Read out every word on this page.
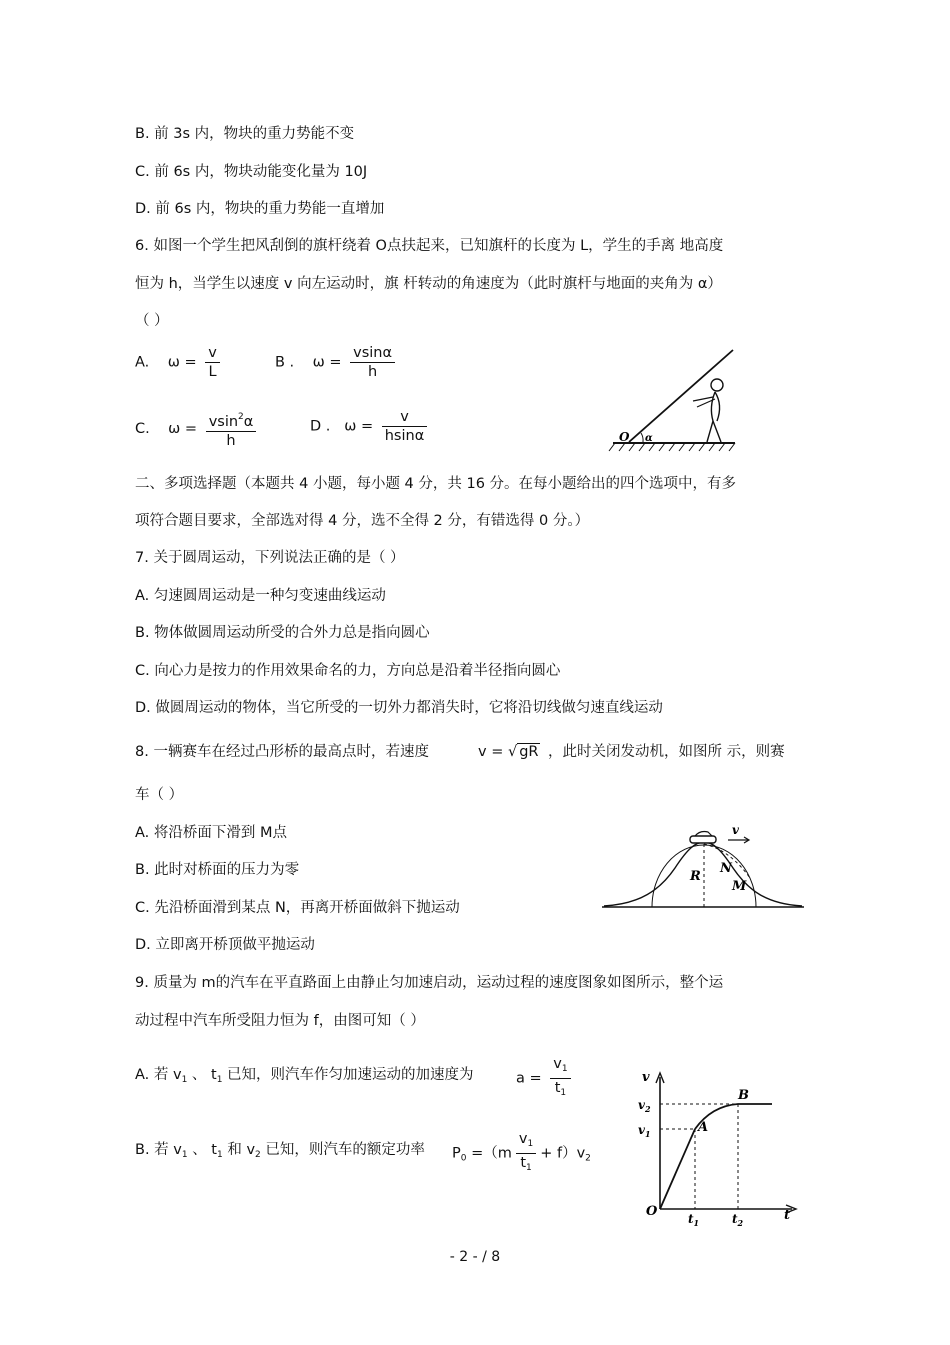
B. 前 3s 内，物块的重力势能不变
C. 前 6s 内，物块动能变化量为 10J
D. 前 6s 内，物块的重力势能一直增加
6. 如图一个学生把风刮倒的旗杆绕着 O点扶起来，已知旗杆的长度为 L，学生的手离 地高度
恒为 h，当学生以速度 v 向左运动时，旗 杆转动的角速度为（此时旗杆与地面的夹角为 α）
（ ）
A. $\omega = \frac{v}{L}$	B . $\omega = \frac{vsin\alpha}{h}$
C. $\omega = \frac{vsin^2\alpha}{h}$	D . $\omega = \frac{v}{hsin\alpha}$	O α
二、多项选择题（本题共 4 小题，每小题 4 分，共 16 分。在每小题给出的四个选项中，有多
项符合题目要求，全部选对得 4 分，选不全得 2 分，有错选得 0 分。）
7. 关于圆周运动，下列说法正确的是（ ）
A. 匀速圆周运动是一种匀变速曲线运动
B. 物体做圆周运动所受的合外力总是指向圆心
C. 向心力是按力的作用效果命名的力，方向总是沿着半径指向圆心
D. 做圆周运动的物体，当它所受的一切外力都消失时，它将沿切线做匀速直线运动
8. 一辆赛车在经过凸形桥的最高点时，若速度	v = √ gR ，此时关闭发动机，如图所 示，则赛
车（ ）
A. 将沿桥面下滑到 M点
B. 此时对桥面的压力为零
C. 先沿桥面滑到某点 N，再离开桥面做斜下抛运动
D. 立即离开桥顶做平抛运动
v
R
N
M
9. 质量为 m的汽车在平直路面上由静止匀加速启动，运动过程的速度图象如图所示，整个运
动过程中汽车所受阻力恒为 f，由图可知（ ）
A. 若 $v_1$ 、 $t_1$ 已知，则汽车作匀加速运动的加速度为	$a = \frac{v_1}{t_1}$
B. 若 $v_1$ 、 $t_1$ 和 $v_2$ 已知，则汽车的额定功率 $P_0 =(m \frac{v_1}{t_1} + f)v_2$
v
$v_2$
$v_1$	A
B
O	$t_1$	$t_2$	t
- 2 - / 8
